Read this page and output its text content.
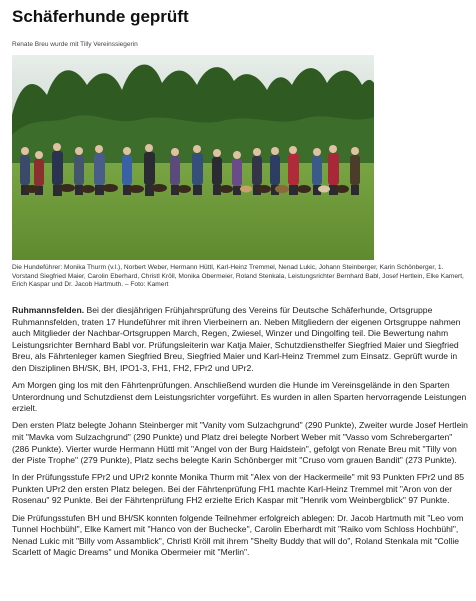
Schäferhunde geprüft
Renate Breu wurde mit Tilly Vereinssiegerin
Die Hundeführer: Monika Thurm (v.l.), Norbert Weber, Hermann Hüttl, Karl-Heinz Tremmel, Nenad Lukic, Johann Steinberger, Karin Schönberger, 1. Vorstand Siegfried Maier, Carolin Eberhard, Christl Kröll, Monika Obermeier, Roland Stenkala, Leistungsrichter Bernhard Babl, Josef Hertlein, Elke Kamert, Erich Kaspar und Dr. Jacob Hartmuth. – Foto: Kamert

Ruhmannsfelden. Bei der diesjährigen Frühjahrsprüfung des Vereins für Deutsche Schäferhunde, Ortsgruppe Ruhmannsfelden, traten 17 Hundeführer mit ihren Vierbeinern an. Neben Mitgliedern der eigenen Ortsgruppe nahmen auch Mitglieder der Nachbar-Ortsgruppen March, Regen, Zwiesel, Winzer und Dingolfing teil. Die Bewertung nahm Leistungsrichter Bernhard Babl vor. Prüfungsleiterin war Katja Maier, Schutzdiensthelfer Siegfried Maier und Siegfried Breu, als Fährtenleger kamen Siegfried Breu, Siegfried Maier und Karl-Heinz Tremmel zum Einsatz. Geprüft wurde in den Disziplinen BH/SK, BH, IPO1-3, FH1, FH2, FPr2 und UPr2.

Am Morgen ging los mit den Fährtenprüfungen. Anschließend wurden die Hunde im Vereinsgelände in den Sparten Unterordnung und Schutzdienst dem Leistungsrichter vorgeführt. Es wurden in allen Sparten hervorragende Leistungen erzielt.

Den ersten Platz belegte Johann Steinberger mit "Vanity vom Sulzachgrund" (290 Punkte), Zweiter wurde Josef Hertlein mit "Mavka vom Sulzachgrund" (290 Punkte) und Platz drei belegte Norbert Weber mit "Vasso vom Schrebergarten" (286 Punkte). Vierter wurde Hermann Hüttl mit "Angel von der Burg Haidstein", gefolgt von Renate Breu mit "Tilly von der Piste Trophe" (279 Punkte), Platz sechs belegte Karin Schönberger mit "Cruso vom grauen Bandit" (273 Punkte).

In der Prüfungsstufe FPr2 und UPr2 konnte Monika Thurm mit "Alex von der Hackermeile" mit 93 Punkten FPr2 und 85 Punkten UPr2 den ersten Platz belegen. Bei der Fährtenprüfung FH1 machte Karl-Heinz Tremmel mit "Aron von der Rosenau" 92 Punkte. Bei der Fährtenprüfung FH2 erzielte Erich Kaspar mit "Henrik vom Weinbergblick" 97 Punkte.

Die Prüfungsstufen BH und BH/SK konnten folgende Teilnehmer erfolgreich ablegen: Dr. Jacob Hartmuth mit "Leo vom Tunnel Hochbühl", Elke Kamert mit "Hanco von der Buchecke", Carolin Eberhardt mit "Raiko vom Schloss Hochbühl", Nenad Lukic mit "Billy vom Assamblick", Christl Kröll mit ihrem "Shelty Buddy that will do", Roland Stenkala mit "Collie Scarlett of Magic Dreams" und Monika Obermeier mit "Merlin".
